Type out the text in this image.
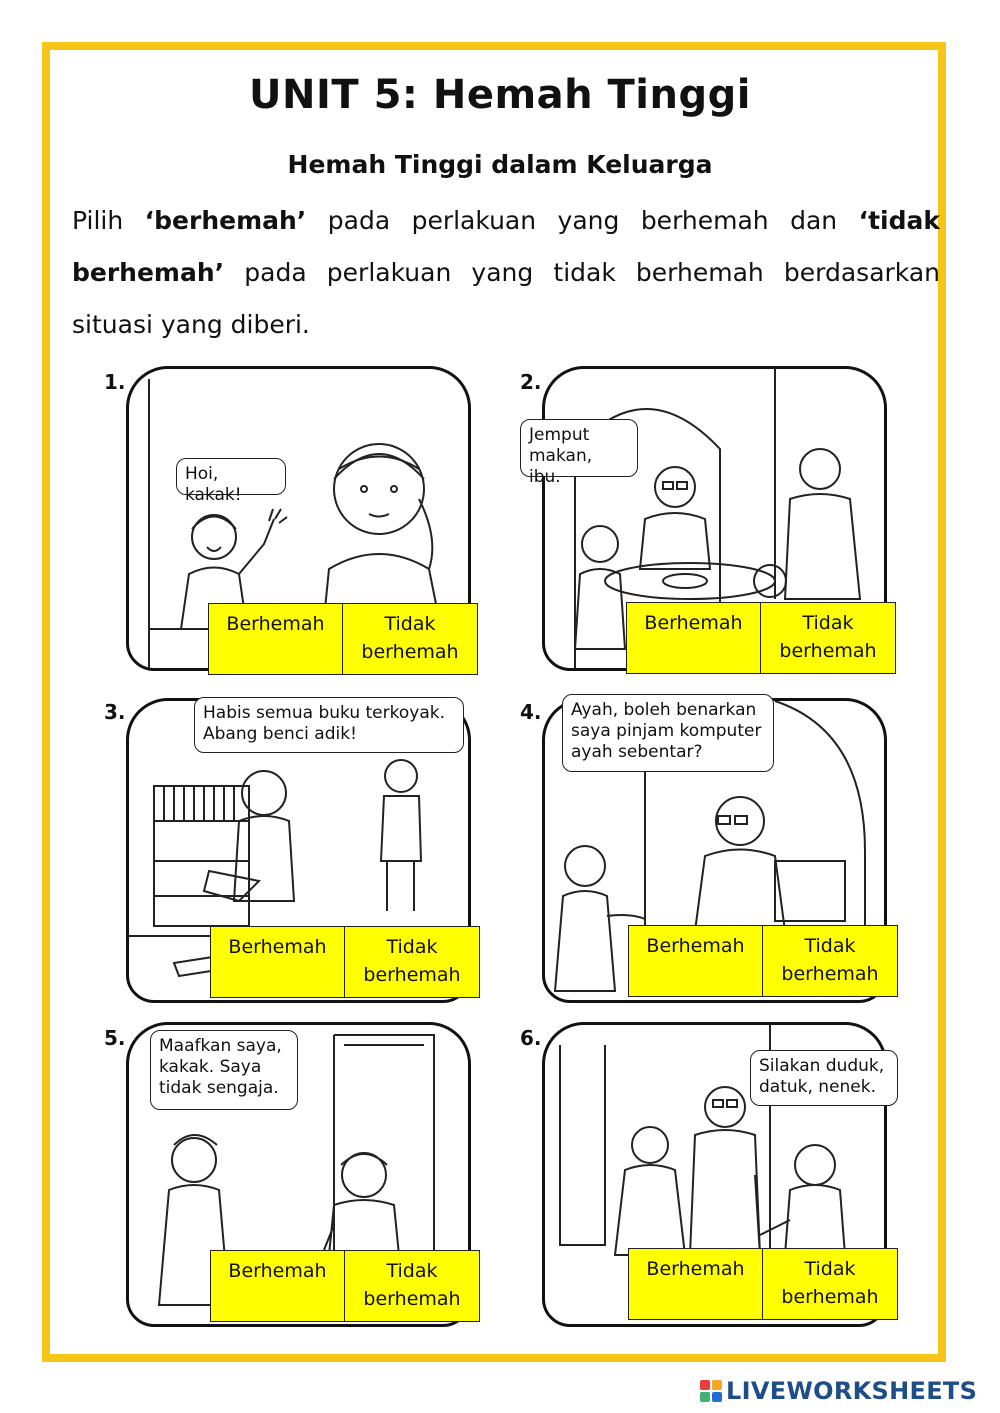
UNIT 5: Hemah Tinggi
Hemah Tinggi dalam Keluarga
Pilih ‘berhemah’ pada perlakuan yang berhemah dan ‘tidak berhemah’ pada perlakuan yang tidak berhemah berdasarkan situasi yang diberi.
1.
Hoi, kakak!
Berhemah	Tidak berhemah
2.
Jemput makan, ibu.
Berhemah	Tidak berhemah
3.	Habis semua buku terkoyak. Abang benci adik!
Berhemah	Tidak berhemah
4.	Ayah, boleh benarkan saya pinjam komputer ayah sebentar?
Berhemah	Tidak berhemah
5.	Maafkan saya, kakak. Saya tidak sengaja.
Berhemah	Tidak berhemah
6.
Silakan duduk, datuk, nenek.
Berhemah	Tidak berhemah
LIVEWORKSHEETS
